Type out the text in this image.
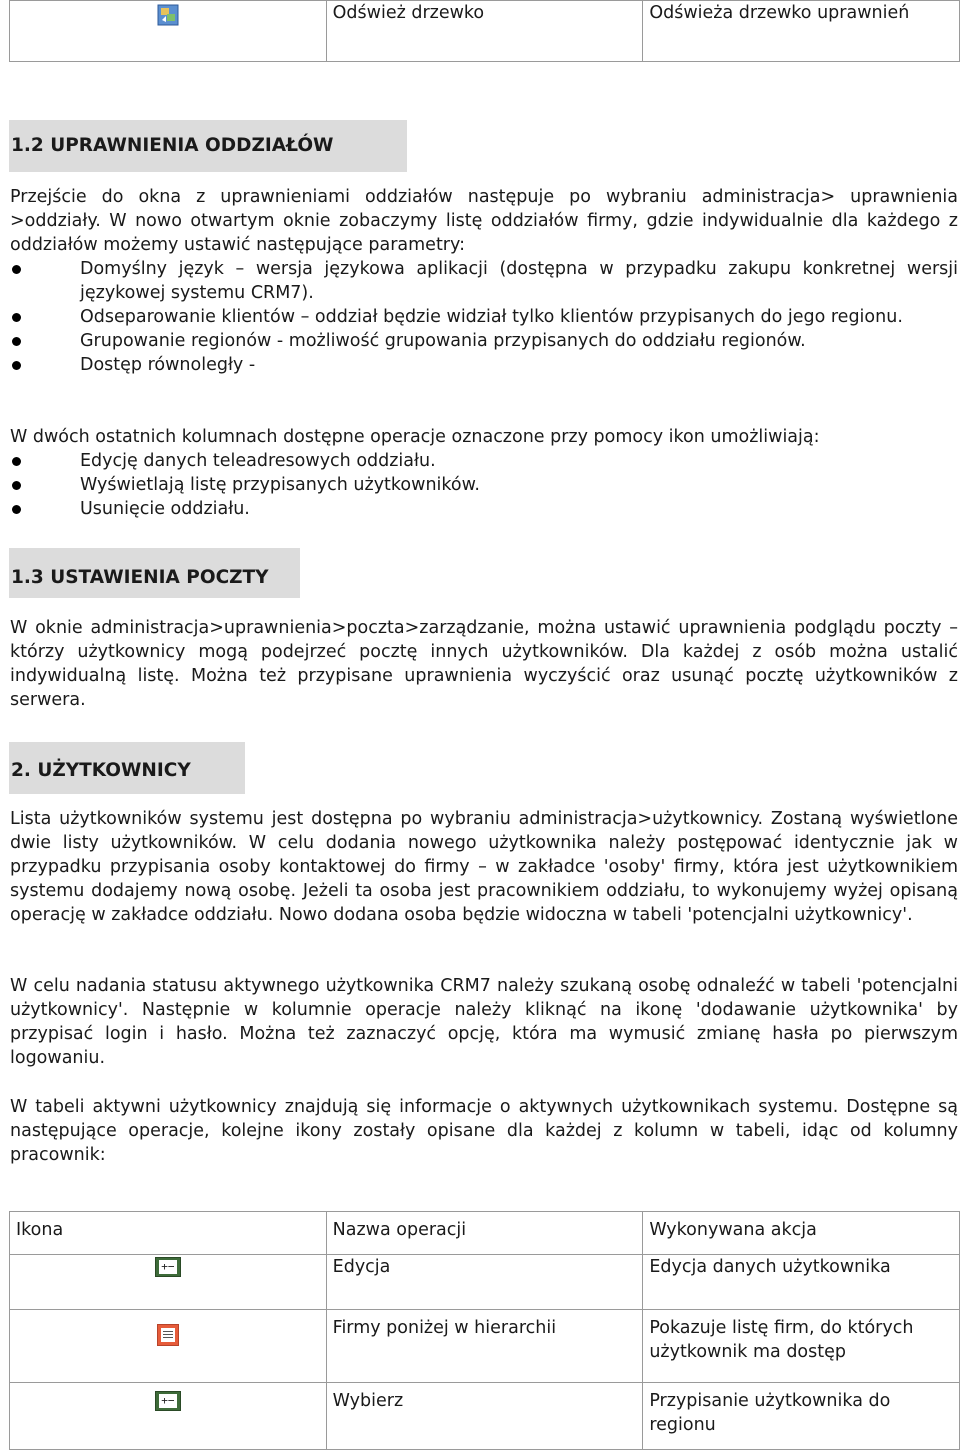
	Odśwież drzewko	Odświeża drzewko uprawnień
1.2 UPRAWNIENIA ODDZIAŁÓW

Przejście do okna z uprawnieniami oddziałów następuje po wybraniu administracja> uprawnienia >oddziały. W nowo otwartym oknie zobaczymy listę oddziałów firmy, gdzie indywidualnie dla każdego z oddziałów możemy ustawić następujące parametry:

Domyślny język – wersja językowa aplikacji (dostępna w przypadku zakupu konkretnej wersji językowej systemu CRM7).
Odseparowanie klientów – oddział będzie widział tylko klientów przypisanych do jego regionu.
Grupowanie regionów - możliwość grupowania przypisanych do oddziału regionów.
Dostęp równoległy -

W dwóch ostatnich kolumnach dostępne operacje oznaczone przy pomocy ikon umożliwiają:

Edycję danych teleadresowych oddziału.
Wyświetlają listę przypisanych użytkowników.
Usunięcie oddziału.
1.3 USTAWIENIA POCZTY

W oknie administracja>uprawnienia>poczta>zarządzanie, można ustawić uprawnienia podglądu poczty – którzy użytkownicy mogą podejrzeć pocztę innych użytkowników. Dla każdej z osób można ustalić indywidualną listę. Można też przypisane uprawnienia wyczyścić oraz usunąć pocztę użytkowników z serwera.

2. UŻYTKOWNICY

Lista użytkowników systemu jest dostępna po wybraniu administracja>użytkownicy. Zostaną wyświetlone dwie listy użytkowników. W celu dodania nowego użytkownika należy postępować identycznie jak w przypadku przypisania osoby kontaktowej do firmy – w zakładce 'osoby' firmy, która jest użytkownikiem systemu dodajemy nową osobę. Jeżeli ta osoba jest pracownikiem oddziału, to wykonujemy wyżej opisaną operację w zakładce oddziału. Nowo dodana osoba będzie widoczna w tabeli 'potencjalni użytkownicy'.

W celu nadania statusu aktywnego użytkownika CRM7 należy szukaną osobę odnaleźć w tabeli 'potencjalni użytkownicy'. Następnie w kolumnie operacje należy kliknąć na ikonę 'dodawanie użytkownika' by przypisać login i hasło. Można też zaznaczyć opcję, która ma wymusić zmianę hasła po pierwszym logowaniu.

W tabeli aktywni użytkownicy znajdują się informacje o aktywnych użytkownikach systemu. Dostępne są następujące operacje, kolejne ikony zostały opisane dla każdej z kolumn w tabeli, idąc od kolumny pracownik:

Ikona	Nazwa operacji	Wykonywana akcja

+−	Edycja	Edycja danych użytkownika

	Firmy poniżej w hierarchii	Pokazuje listę firm, do których użytkownik ma dostęp

+−	Wybierz	Przypisanie użytkownika do regionu
